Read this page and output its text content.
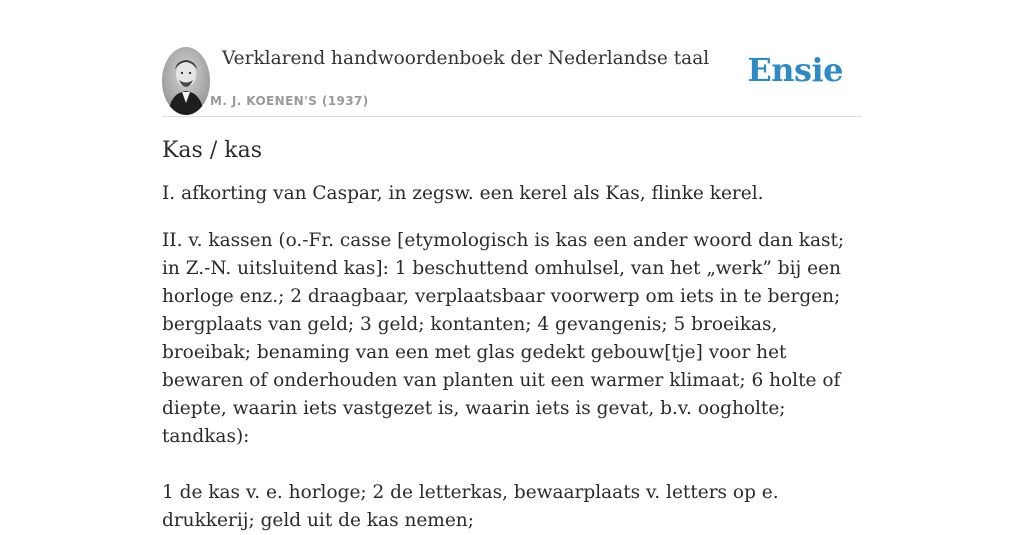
Verklarend handwoordenboek der Nederlandse taal
M. J. KOENEN'S (1937)
Ensie
Kas / kas

I. afkorting van Caspar, in zegsw. een kerel als Kas, flinke kerel.

II. v. kassen (o.-Fr. casse [etymologisch is kas een ander woord dan kast; in Z.-N. uitsluitend kas]: 1 beschuttend omhulsel, van het „werk” bij een horloge enz.; 2 draagbaar, verplaatsbaar voorwerp om iets in te bergen; bergplaats van geld; 3 geld; kontanten; 4 gevangenis; 5 broeikas, broeibak; benaming van een met glas gedekt gebouw[tje] voor het bewaren of onderhouden van planten uit een warmer klimaat; 6 holte of diepte, waarin iets vastgezet is, waarin iets is gevat, b.v. oogholte; tandkas):

1 de kas v. e. horloge; 2 de letterkas, bewaarplaats v. letters op e. drukkerij; geld uit de kas nemen;
